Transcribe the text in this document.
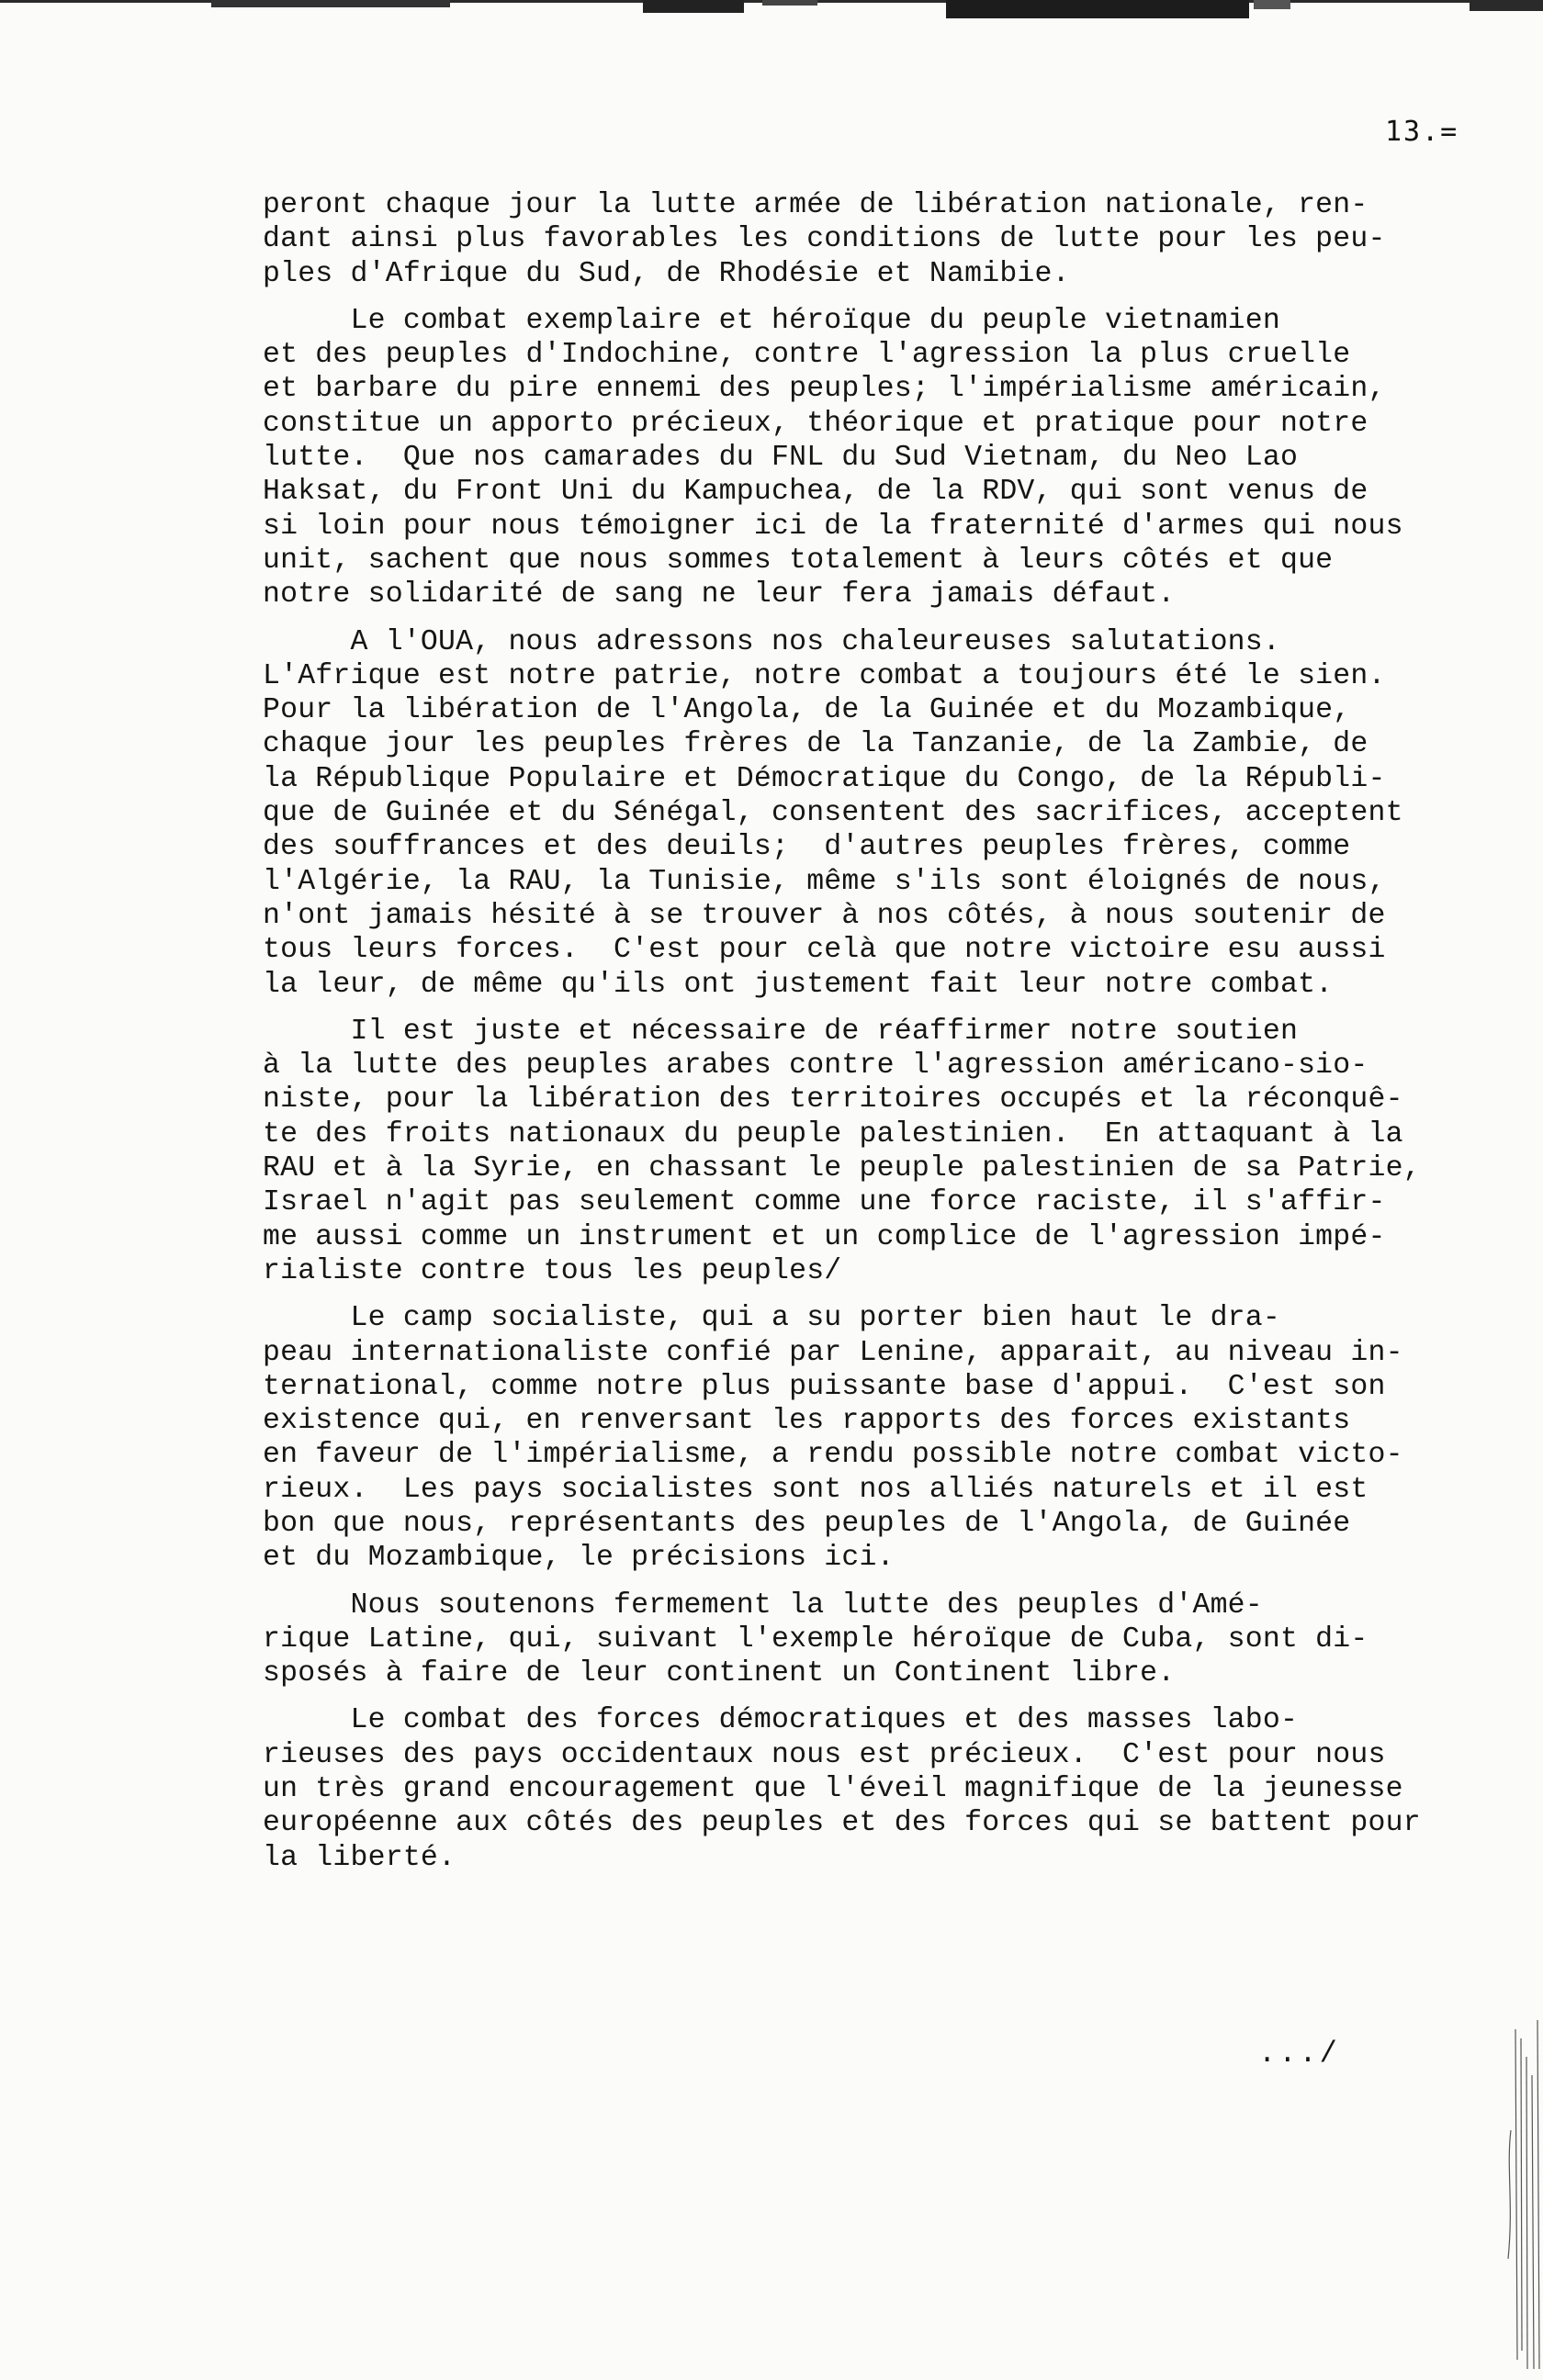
13.=

peront chaque jour la lutte armée de libération nationale, ren-
dant ainsi plus favorables les conditions de lutte pour les peu-
ples d'Afrique du Sud, de Rhodésie et Namibie.

Le combat exemplaire et héroïque du peuple vietnamien
et des peuples d'Indochine, contre l'agression la plus cruelle
et barbare du pire ennemi des peuples; l'impérialisme américain,
constitue un apporto précieux, théorique et pratique pour notre
lutte.  Que nos camarades du FNL du Sud Vietnam, du Neo Lao
Haksat, du Front Uni du Kampuchea, de la RDV, qui sont venus de
si loin pour nous témoigner ici de la fraternité d'armes qui nous
unit, sachent que nous sommes totalement à leurs côtés et que
notre solidarité de sang ne leur fera jamais défaut.

A l'OUA, nous adressons nos chaleureuses salutations.
L'Afrique est notre patrie, notre combat a toujours été le sien.
Pour la libération de l'Angola, de la Guinée et du Mozambique,
chaque jour les peuples frères de la Tanzanie, de la Zambie, de
la République Populaire et Démocratique du Congo, de la Républi-
que de Guinée et du Sénégal, consentent des sacrifices, acceptent
des souffrances et des deuils;  d'autres peuples frères, comme
l'Algérie, la RAU, la Tunisie, même s'ils sont éloignés de nous,
n'ont jamais hésité à se trouver à nos côtés, à nous soutenir de
tous leurs forces.  C'est pour celà que notre victoire esu aussi
la leur, de même qu'ils ont justement fait leur notre combat.

Il est juste et nécessaire de réaffirmer notre soutien
à la lutte des peuples arabes contre l'agression américano-sio-
niste, pour la libération des territoires occupés et la réconquê-
te des froits nationaux du peuple palestinien.  En attaquant à la
RAU et à la Syrie, en chassant le peuple palestinien de sa Patrie,
Israel n'agit pas seulement comme une force raciste, il s'affir-
me aussi comme un instrument et un complice de l'agression impé-
rialiste contre tous les peuples/

Le camp socialiste, qui a su porter bien haut le dra-
peau internationaliste confié par Lenine, apparait, au niveau in-
ternational, comme notre plus puissante base d'appui.  C'est son
existence qui, en renversant les rapports des forces existants
en faveur de l'impérialisme, a rendu possible notre combat victo-
rieux.  Les pays socialistes sont nos alliés naturels et il est
bon que nous, représentants des peuples de l'Angola, de Guinée
et du Mozambique, le précisions ici.

Nous soutenons fermement la lutte des peuples d'Amé-
rique Latine, qui, suivant l'exemple héroïque de Cuba, sont di-
sposés à faire de leur continent un Continent libre.

Le combat des forces démocratiques et des masses labo-
rieuses des pays occidentaux nous est précieux.  C'est pour nous
un très grand encouragement que l'éveil magnifique de la jeunesse
européenne aux côtés des peuples et des forces qui se battent pour
la liberté.

.../
